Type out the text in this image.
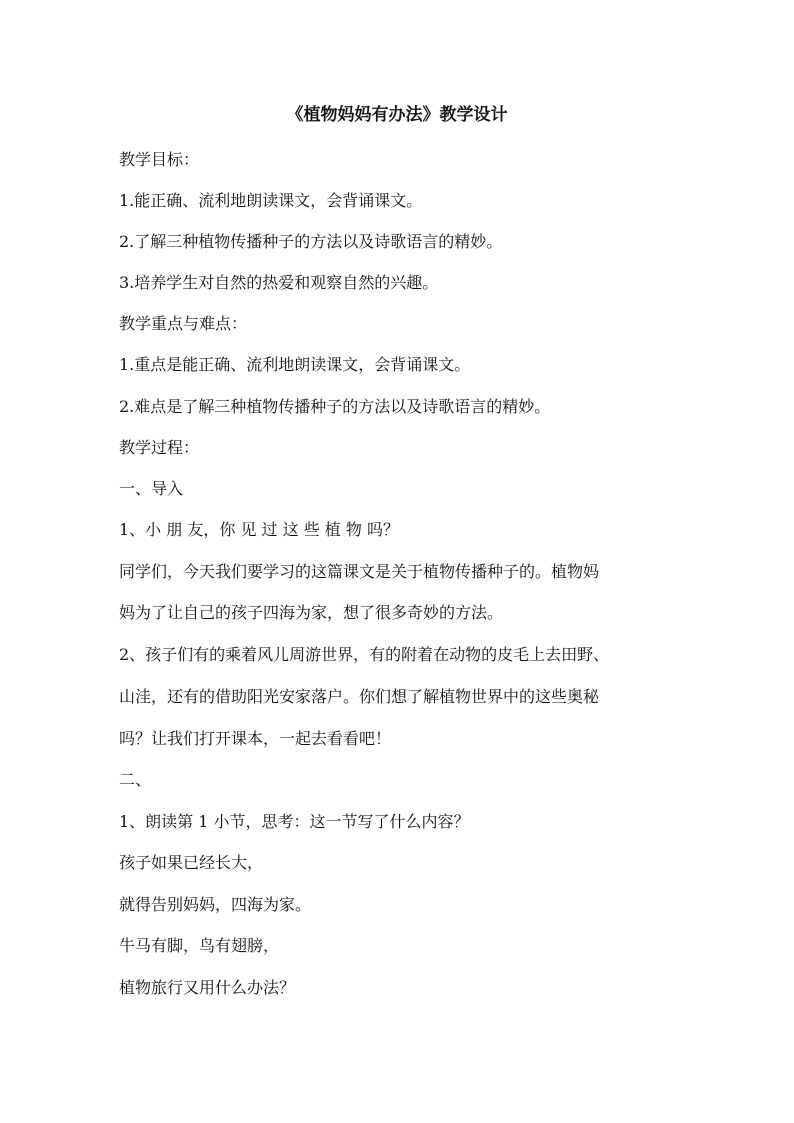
《植物妈妈有办法》教学设计
教学目标：
1.能正确、流利地朗读课文，会背诵课文。
2.了解三种植物传播种子的方法以及诗歌语言的精妙。
3.培养学生对自然的热爱和观察自然的兴趣。
教学重点与难点：
1.重点是能正确、流利地朗读课文，会背诵课文。
2.难点是了解三种植物传播种子的方法以及诗歌语言的精妙。
教学过程：
一、导入
1、小 朋 友，你 见 过 这 些 植 物 吗？
同学们，今天我们要学习的这篇课文是关于植物传播种子的。植物妈
妈为了让自己的孩子四海为家，想了很多奇妙的方法。
2、孩子们有的乘着风儿周游世界，有的附着在动物的皮毛上去田野、
山洼，还有的借助阳光安家落户。你们想了解植物世界中的这些奥秘
吗？让我们打开课本，一起去看看吧！
二、
1、朗读第 1 小节，思考：这一节写了什么内容？
孩子如果已经长大，
就得告别妈妈，四海为家。
牛马有脚，鸟有翅膀，
植物旅行又用什么办法？
